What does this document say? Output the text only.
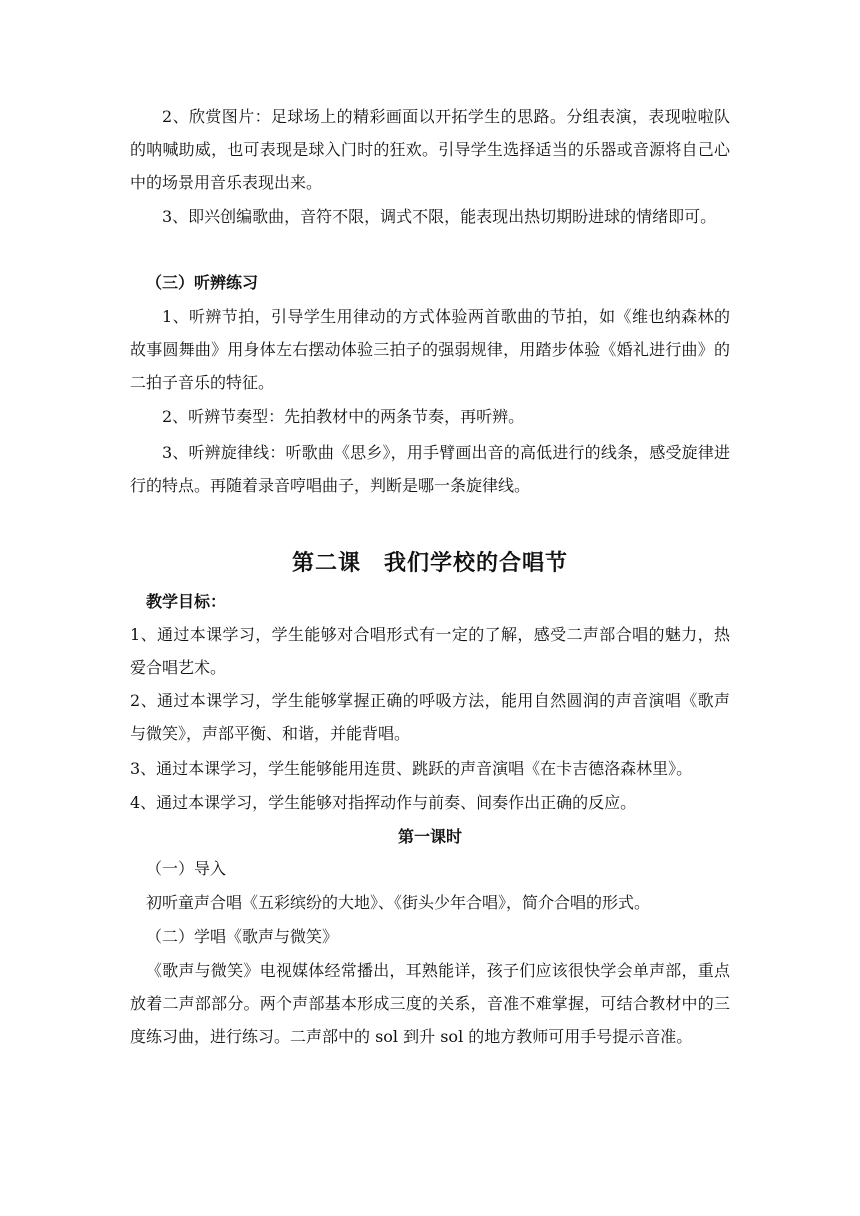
2、欣赏图片：足球场上的精彩画面以开拓学生的思路。分组表演，表现啦啦队的呐喊助威，也可表现是球入门时的狂欢。引导学生选择适当的乐器或音源将自己心中的场景用音乐表现出来。

3、即兴创编歌曲，音符不限，调式不限，能表现出热切期盼进球的情绪即可。

（三）听辨练习

1、听辨节拍，引导学生用律动的方式体验两首歌曲的节拍，如《维也纳森林的故事圆舞曲》用身体左右摆动体验三拍子的强弱规律，用踏步体验《婚礼进行曲》的二拍子音乐的特征。

2、听辨节奏型：先拍教材中的两条节奏，再听辨。

3、听辨旋律线：听歌曲《思乡》，用手臂画出音的高低进行的线条，感受旋律进行的特点。再随着录音哼唱曲子，判断是哪一条旋律线。

第二课　我们学校的合唱节

教学目标：

1、通过本课学习，学生能够对合唱形式有一定的了解，感受二声部合唱的魅力，热爱合唱艺术。

2、通过本课学习，学生能够掌握正确的呼吸方法，能用自然圆润的声音演唱《歌声与微笑》，声部平衡、和谐，并能背唱。

3、通过本课学习，学生能够能用连贯、跳跃的声音演唱《在卡吉德洛森林里》。

4、通过本课学习，学生能够对指挥动作与前奏、间奏作出正确的反应。

第一课时

（一）导入

初听童声合唱《五彩缤纷的大地》、《街头少年合唱》，简介合唱的形式。

（二）学唱《歌声与微笑》

《歌声与微笑》电视媒体经常播出，耳熟能详，孩子们应该很快学会单声部，重点放着二声部部分。两个声部基本形成三度的关系，音准不难掌握，可结合教材中的三度练习曲，进行练习。二声部中的 sol 到升 sol 的地方教师可用手号提示音准。
